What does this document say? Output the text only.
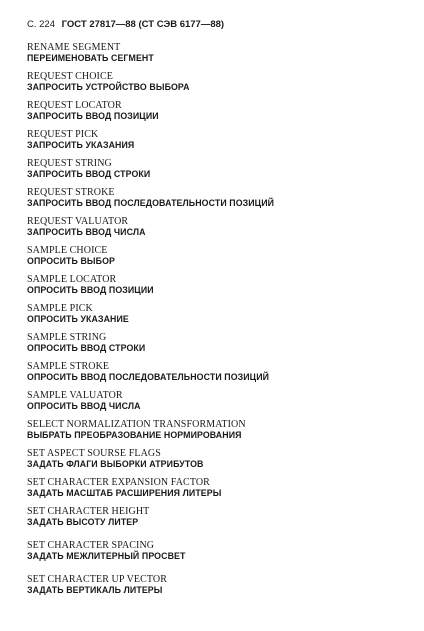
С. 224 ГОСТ 27817—88 (СТ СЭВ 6177—88)
RENAME SEGMENT
ПЕРЕИМЕНОВАТЬ СЕГМЕНТ
REQUEST CHOICE
ЗАПРОСИТЬ УСТРОЙСТВО ВЫБОРА
REQUEST LOCATOR
ЗАПРОСИТЬ ВВОД ПОЗИЦИИ
REQUEST PICK
ЗАПРОСИТЬ УКАЗАНИЯ
REQUEST STRING
ЗАПРОСИТЬ ВВОД СТРОКИ
REQUEST STROKE
ЗАПРОСИТЬ ВВОД ПОСЛЕДОВАТЕЛЬНОСТИ ПОЗИЦИЙ
REQUEST VALUATOR
ЗАПРОСИТЬ ВВОД ЧИСЛА
SAMPLE CHOICE
ОПРОСИТЬ ВЫБОР
SAMPLE LOCATOR
ОПРОСИТЬ ВВОД ПОЗИЦИИ
SAMPLE PICK
ОПРОСИТЬ УКАЗАНИЕ
SAMPLE STRING
ОПРОСИТЬ ВВОД СТРОКИ
SAMPLE STROKE
ОПРОСИТЬ ВВОД ПОСЛЕДОВАТЕЛЬНОСТИ ПОЗИЦИЙ
SAMPLE VALUATOR
ОПРОСИТЬ ВВОД ЧИСЛА
SELECT NORMALIZATION TRANSFORMATION
ВЫБРАТЬ ПРЕОБРАЗОВАНИЕ НОРМИРОВАНИЯ
SET ASPECT SOURSE FLAGS
ЗАДАТЬ ФЛАГИ ВЫБОРКИ АТРИБУТОВ
SET CHARACTER EXPANSION FACTOR
ЗАДАТЬ МАСШТАБ РАСШИРЕНИЯ ЛИТЕРЫ
SET CHARACTER HEIGHT
ЗАДАТЬ ВЫСОТУ ЛИТЕР
SET CHARACTER SPACING
ЗАДАТЬ МЕЖЛИТЕРНЫЙ ПРОСВЕТ
SET CHARACTER UP VECTOR
ЗАДАТЬ ВЕРТИКАЛЬ ЛИТЕРЫ
